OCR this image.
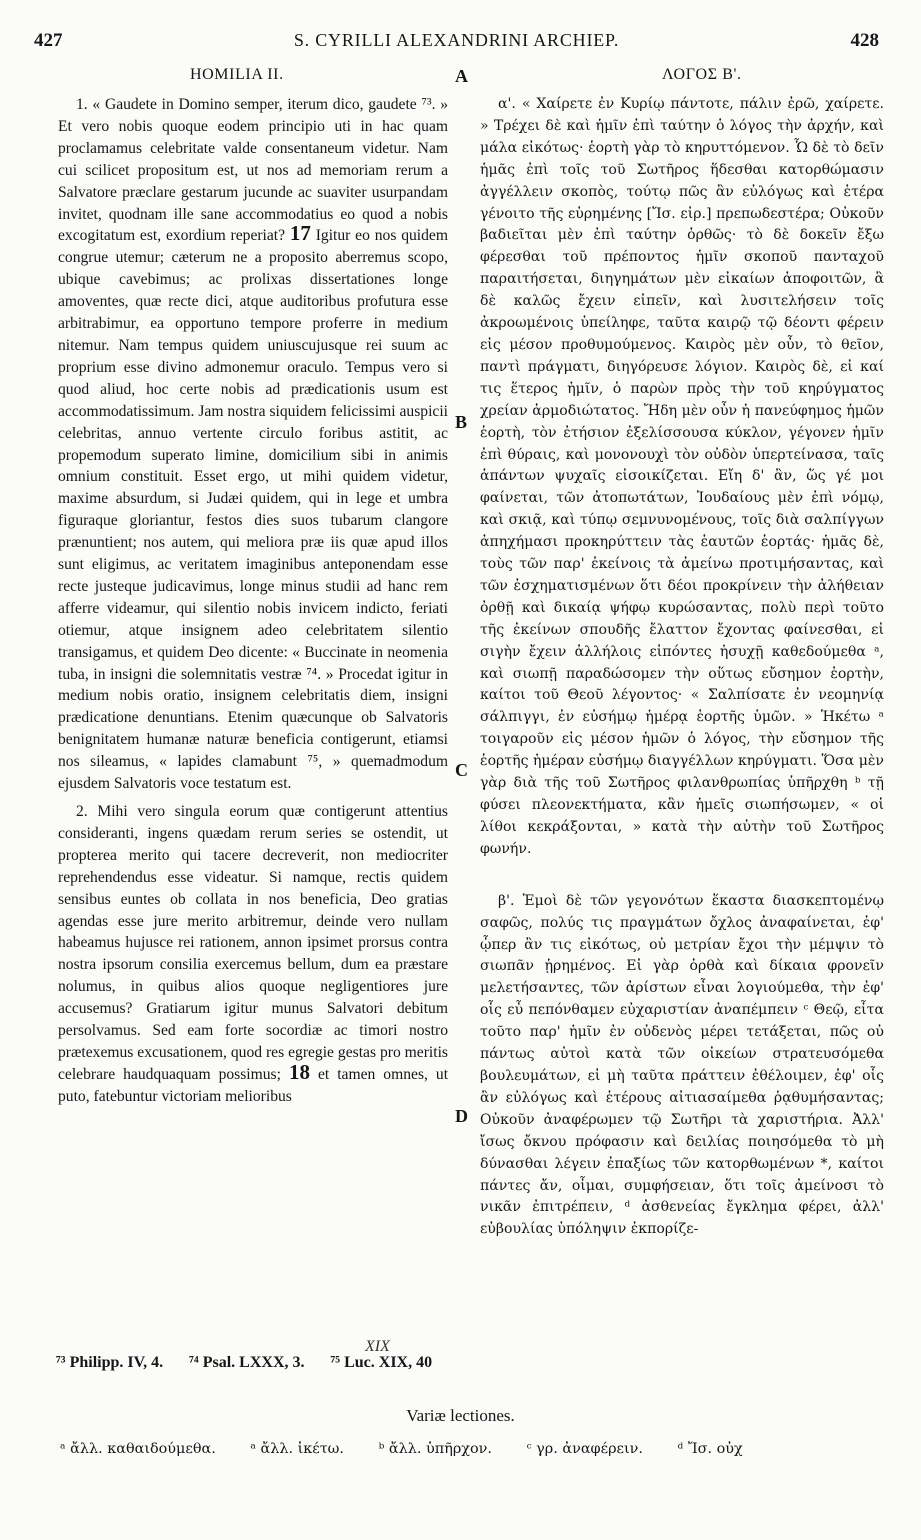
427	S. CYRILLI ALEXANDRINI ARCHIEP.	428
HOMILIA II.	ΛΟΓΟΣ Β'.
A
B
C
D

1. « Gaudete in Domino semper, iterum dico, gaudete ⁷³. » Et vero nobis quoque eodem principio uti in hac quam proclamamus celebritate valde consentaneum videtur. Nam cui scilicet propositum est, ut nos ad memoriam rerum a Salvatore præclare gestarum jucunde ac suaviter usurpandam invitet, quodnam ille sane accommodatius eo quod a nobis excogitatum est, exordium reperiat? 17 Igitur eo nos quidem congrue utemur; cæterum ne a proposito aberremus scopo, ubique cavebimus; ac prolixas dissertationes longe amoventes, quæ recte dici, atque auditoribus profutura esse arbitrabimur, ea opportuno tempore proferre in medium nitemur. Nam tempus quidem uniuscujusque rei suum ac proprium esse divino admonemur oraculo. Tempus vero si quod aliud, hoc certe nobis ad prædicationis usum est accommodatissimum. Jam nostra siquidem felicissimi auspicii celebritas, annuo vertente circulo foribus astitit, ac propemodum superato limine, domicilium sibi in animis omnium constituit. Esset ergo, ut mihi quidem videtur, maxime absurdum, si Judæi quidem, qui in lege et umbra figuraque gloriantur, festos dies suos tubarum clangore prænuntient; nos autem, qui meliora præ iis quæ apud illos sunt eligimus, ac veritatem imaginibus anteponendam esse recte justeque judicavimus, longe minus studii ad hanc rem afferre videamur, qui silentio nobis invicem indicto, feriati otiemur, atque insignem adeo celebritatem silentio transigamus, et quidem Deo dicente: « Buccinate in neomenia tuba, in insigni die solemnitatis vestræ ⁷⁴. » Procedat igitur in medium nobis oratio, insignem celebritatis diem, insigni prædicatione denuntians. Etenim quæcunque ob Salvatoris benignitatem humanæ naturæ beneficia contigerunt, etiamsi nos sileamus, « lapides clamabunt ⁷⁵, » quemadmodum ejusdem Salvatoris voce testatum est.

2. Mihi vero singula eorum quæ contigerunt attentius consideranti, ingens quædam rerum series se ostendit, ut propterea merito qui tacere decreverit, non mediocriter reprehendendus esse videatur. Si namque, rectis quidem sensibus euntes ob collata in nos beneficia, Deo gratias agendas esse jure merito arbitremur, deinde vero nullam habeamus hujusce rei rationem, annon ipsimet prorsus contra nostra ipsorum consilia exercemus bellum, dum ea præstare nolumus, in quibus alios quoque negligentiores jure accusemus? Gratiarum igitur munus Salvatori debitum persolvamus. Sed eam forte socordiæ ac timori nostro prætexemus excusationem, quod res egregie gestas pro meritis celebrare haudquaquam possimus; 18 et tamen omnes, ut puto, fatebuntur victoriam melioribus

α'. « Χαίρετε ἐν Κυρίῳ πάντοτε, πάλιν ἐρῶ, χαίρετε. » Τρέχει δὲ καὶ ἡμῖν ἐπὶ ταύτην ὁ λόγος τὴν ἀρχήν, καὶ μάλα εἰκότως· ἑορτὴ γὰρ τὸ κηρυττόμενον. Ὧ δὲ τὸ δεῖν ἡμᾶς ἐπὶ τοῖς τοῦ Σωτῆρος ἥδεσθαι κατορθώμασιν ἀγγέλλειν σκοπὸς, τούτῳ πῶς ἂν εὐλόγως καὶ ἑτέρα γένοιτο τῆς εὑρημένης [Ἴσ. εἰρ.] πρεπωδεστέρα; Οὐκοῦν βαδιεῖται μὲν ἐπὶ ταύτην ὀρθῶς· τὸ δὲ δοκεῖν ἔξω φέρεσθαι τοῦ πρέποντος ἡμῖν σκοποῦ πανταχοῦ παραιτήσεται, διηγημάτων μὲν εἰκαίων ἀποφοιτῶν, ἃ δὲ καλῶς ἔχειν εἰπεῖν, καὶ λυσιτελήσειν τοῖς ἀκροωμένοις ὑπείληφε, ταῦτα καιρῷ τῷ δέοντι φέρειν εἰς μέσον προθυμούμενος. Καιρὸς μὲν οὖν, τὸ θεῖον, παντὶ πράγματι, διηγόρευσε λόγιον. Καιρὸς δὲ, εἰ καί τις ἕτερος ἡμῖν, ὁ παρὼν πρὸς τὴν τοῦ κηρύγματος χρείαν ἁρμοδιώτατος. Ἤδη μὲν οὖν ἡ πανεύφημος ἡμῶν ἑορτὴ, τὸν ἐτήσιον ἐξελίσσουσα κύκλον, γέγονεν ἡμῖν ἐπὶ θύραις, καὶ μονονουχὶ τὸν οὐδὸν ὑπερτείνασα, ταῖς ἁπάντων ψυχαῖς εἰσοικίζεται. Εἴη δ' ἂν, ὥς γέ μοι φαίνεται, τῶν ἀτοπωτάτων, Ἰουδαίους μὲν ἐπὶ νόμῳ, καὶ σκιᾷ, καὶ τύπῳ σεμνυνομένους, τοῖς διὰ σαλπίγγων ἀπηχήμασι προκηρύττειν τὰς ἑαυτῶν ἑορτάς· ἡμᾶς δὲ, τοὺς τῶν παρ' ἐκείνοις τὰ ἀμείνω προτιμήσαντας, καὶ τῶν ἐσχηματισμένων ὅτι δέοι προκρίνειν τὴν ἀλήθειαν ὀρθῇ καὶ δικαίᾳ ψήφῳ κυρώσαντας, πολὺ περὶ τοῦτο τῆς ἐκείνων σπουδῆς ἔλαττον ἔχοντας φαίνεσθαι, εἰ σιγὴν ἔχειν ἀλλήλοις εἰπόντες ἡσυχῇ καθεδούμεθα ᵃ, καὶ σιωπῇ παραδώσομεν τὴν οὕτως εὔσημον ἑορτὴν, καίτοι τοῦ Θεοῦ λέγοντος· « Σαλπίσατε ἐν νεομηνίᾳ σάλπιγγι, ἐν εὐσήμῳ ἡμέρᾳ ἑορτῆς ὑμῶν. » Ἡκέτω ᵃ τοιγαροῦν εἰς μέσον ἡμῶν ὁ λόγος, τὴν εὔσημον τῆς ἑορτῆς ἡμέραν εὐσήμῳ διαγγέλλων κηρύγματι. Ὅσα μὲν γὰρ διὰ τῆς τοῦ Σωτῆρος φιλανθρωπίας ὑπῆρχθη ᵇ τῇ φύσει πλεονεκτήματα, κἂν ἡμεῖς σιωπήσωμεν, « οἱ λίθοι κεκράξονται, » κατὰ τὴν αὐτὴν τοῦ Σωτῆρος φωνήν.

β'. Ἐμοὶ δὲ τῶν γεγονότων ἕκαστα διασκεπτομένῳ σαφῶς, πολύς τις πραγμάτων ὄχλος ἀναφαίνεται, ἐφ' ᾧπερ ἂν τις εἰκότως, οὐ μετρίαν ἔχοι τὴν μέμψιν τὸ σιωπᾶν ᾑρημένος. Εἰ γὰρ ὀρθὰ καὶ δίκαια φρονεῖν μελετήσαντες, τῶν ἀρίστων εἶναι λογιούμεθα, τὴν ἐφ' οἷς εὖ πεπόνθαμεν εὐχαριστίαν ἀναπέμπειν ᶜ Θεῷ, εἶτα τοῦτο παρ' ἡμῖν ἐν οὐδενὸς μέρει τετάξεται, πῶς οὐ πάντως αὐτοὶ κατὰ τῶν οἰκείων στρατευσόμεθα βουλευμάτων, εἰ μὴ ταῦτα πράττειν ἐθέλοιμεν, ἐφ' οἷς ἂν εὐλόγως καὶ ἑτέρους αἰτιασαίμεθα ῥᾳθυμήσαντας; Οὐκοῦν ἀναφέρωμεν τῷ Σωτῆρι τὰ χαριστήρια. Ἀλλ' ἴσως ὄκνου πρόφασιν καὶ δειλίας ποιησόμεθα τὸ μὴ δύνασθαι λέγειν ἐπαξίως τῶν κατορθωμένων *, καίτοι πάντες ἄν, οἶμαι, συμφήσειαν, ὅτι τοῖς ἀμείνοσι τὸ νικᾶν ἐπιτρέπειν, ᵈ ἀσθενείας ἔγκλημα φέρει, ἀλλ' εὐβουλίας ὑπόληψιν ἐκπορίζε-

XIX
⁷³ Philipp. IV, 4. ⁷⁴ Psal. LXXX, 3. ⁷⁵ Luc. XIX, 40
Variæ lectiones.
ᵃ ἄλλ. καθαιδούμεθα. ᵃ ἄλλ. ἱκέτω. ᵇ ἄλλ. ὑπῆρχον. ᶜ γρ. ἀναφέρειν. ᵈ Ἴσ. οὐχ
